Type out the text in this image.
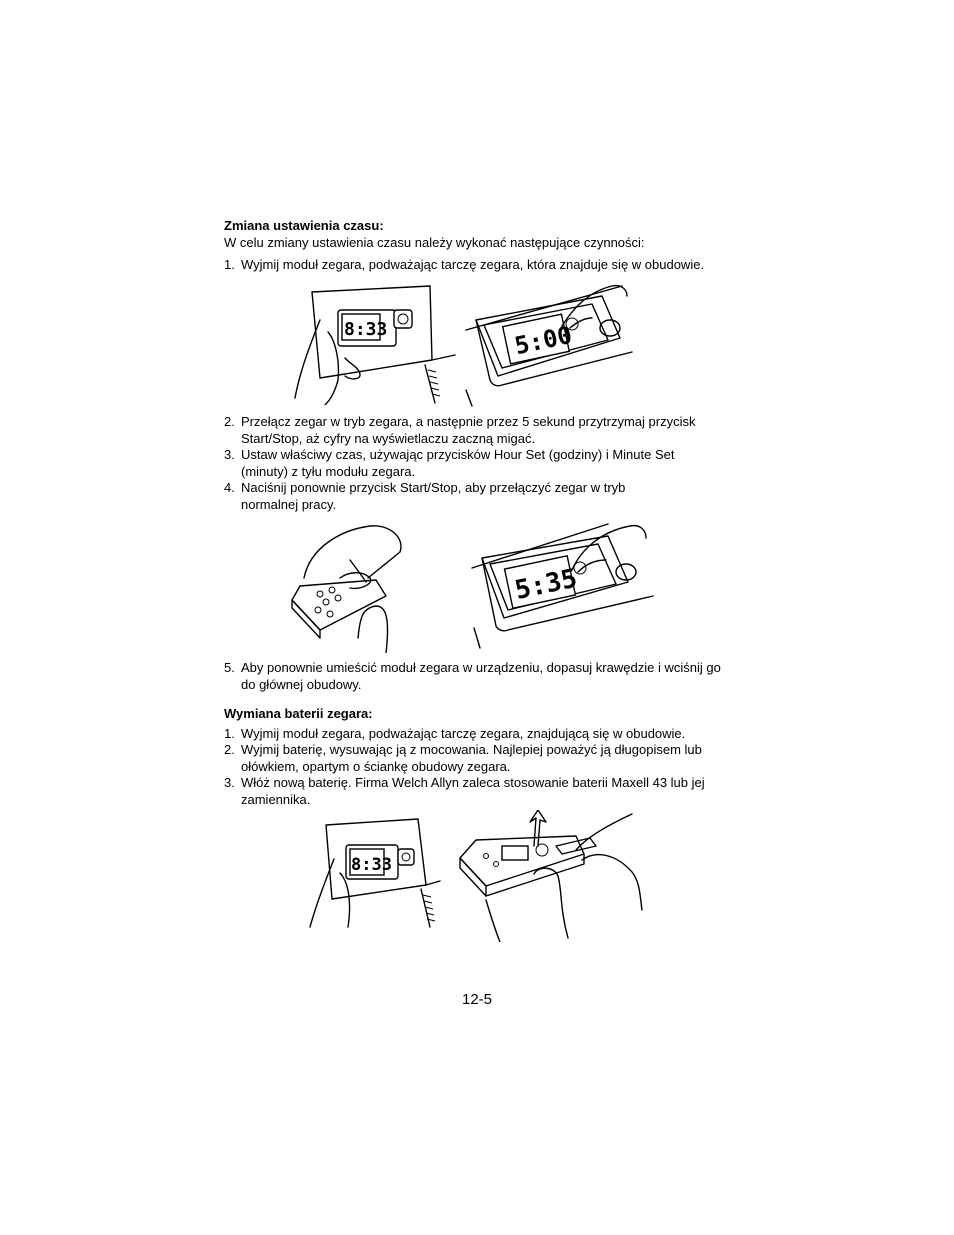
Zmiana ustawienia czasu:
W celu zmiany ustawienia czasu należy wykonać następujące czynności:
1. Wyjmij moduł zegara, podważając tarczę zegara, która znajduje się w obudowie.
8:33	5:00
2. Przełącz zegar w tryb zegara, a następnie przez 5 sekund przytrzymaj przycisk
Start/Stop, aż cyfry na wyświetlaczu zaczną migać.
3. Ustaw właściwy czas, używając przycisków Hour Set (godziny) i Minute Set
(minuty) z tyłu modułu zegara.
4. Naciśnij ponownie przycisk Start/Stop, aby przełączyć zegar w tryb
normalnej pracy.
5:35
5. Aby ponownie umieścić moduł zegara w urządzeniu, dopasuj krawędzie i wciśnij go
do głównej obudowy.
Wymiana baterii zegara:
1. Wyjmij moduł zegara, podważając tarczę zegara, znajdującą się w obudowie.
2. Wyjmij baterię, wysuwając ją z mocowania. Najlepiej poważyć ją długopisem lub
ołówkiem, opartym o ściankę obudowy zegara.
3. Włóż nową baterię. Firma Welch Allyn zaleca stosowanie baterii Maxell 43 lub jej
zamiennika.
8:33
12-5
